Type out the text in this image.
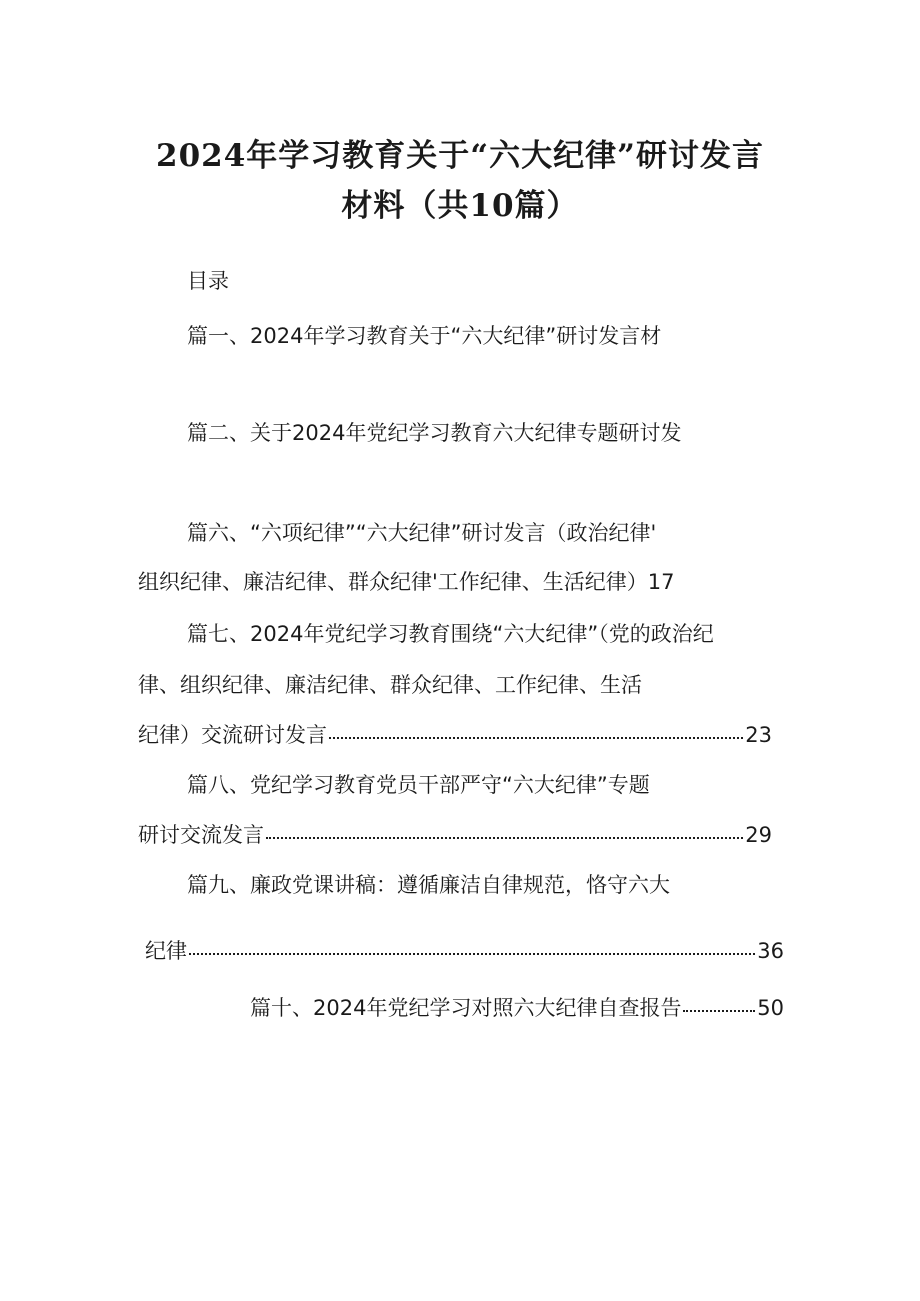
2024年学习教育关于“六大纪律”研讨发言
材料（共10篇）
目录
篇一、2024年学习教育关于“六大纪律”研讨发言材
篇二、关于2024年党纪学习教育六大纪律专题研讨发
篇六、“六项纪律”“六大纪律”研讨发言（政治纪律'
组织纪律、廉洁纪律、群众纪律'工作纪律、生活纪律）17
篇七、2024年党纪学习教育围绕“六大纪律”（党的政治纪
律、组织纪律、廉洁纪律、群众纪律、工作纪律、生活
纪律）交流研讨发言	23
篇八、党纪学习教育党员干部严守“六大纪律”专题
研讨交流发言	29
篇九、廉政党课讲稿：遵循廉洁自律规范，恪守六大
纪律	36
篇十、2024年党纪学习对照六大纪律自查报告	50
